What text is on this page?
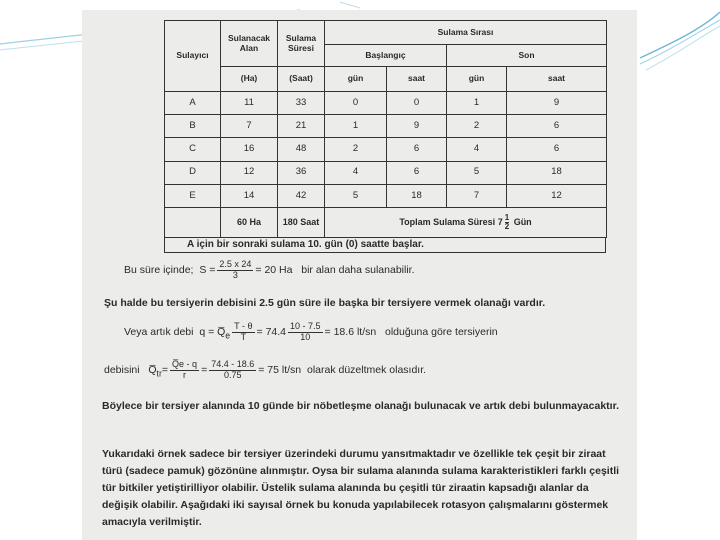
Sulayıcı	Sulanacak Alan	Sulama Süresi	Sulama Sırası			
			Başlangıç		Son	
	(Ha)	(Saat)	gün	saat	gün	saat
A	11	33	0	0	1	9
B	7	21	1	9	2	6
C	16	48	2	6	4	6
D	12	36	4	6	5	18
E	14	42	5	18	7	12
	60 Ha	180 Saat	Toplam Sulama Süresi $7 \frac{1}{2}$ Gün			
A için bir sonraki sulama 10. gün (0) saatte başlar.
Bu süre içinde; $S = \frac{2.5 x 24}{3} = 20$ Ha bir alan daha sulanabilir.
Şu halde bu tersiyerin debisini 2.5 gün süre ile başka bir tersiyere vermek olanağı vardır.
Veya artık debi $q = Q̅_e \frac{T - \theta}{T} = 74.4 \frac{10 - 7.5}{10} = 18.6$ lt/sn olduğuna göre tersiyerin
debisini $Q̅_{tr}= \frac{Q̅e - q}{r} = \frac{74.4 - 18.6}{0.75} = 75$ lt/sn olarak düzeltmek olasıdır.
Böylece bir tersiyer alanında 10 günde bir nöbetleşme olanağı bulunacak ve artık debi bulunmayacaktır.
Yukarıdaki örnek sadece bir tersiyer üzerindeki durumu yansıtmaktadır ve özellikle tek çeşit bir ziraat türü (sadece pamuk) gözönüne alınmıştır. Oysa bir sulama alanında sulama karakteristikleri farklı çeşitli tür bitkiler yetiştirilliyor olabilir. Üstelik sulama alanında bu çeşitli tür ziraatin kapsadığı alanlar da değişik olabilir. Aşağıdaki iki sayısal örnek bu konuda yapılabilecek rotasyon çalışmalarını göstermek amacıyla verilmiştir.
